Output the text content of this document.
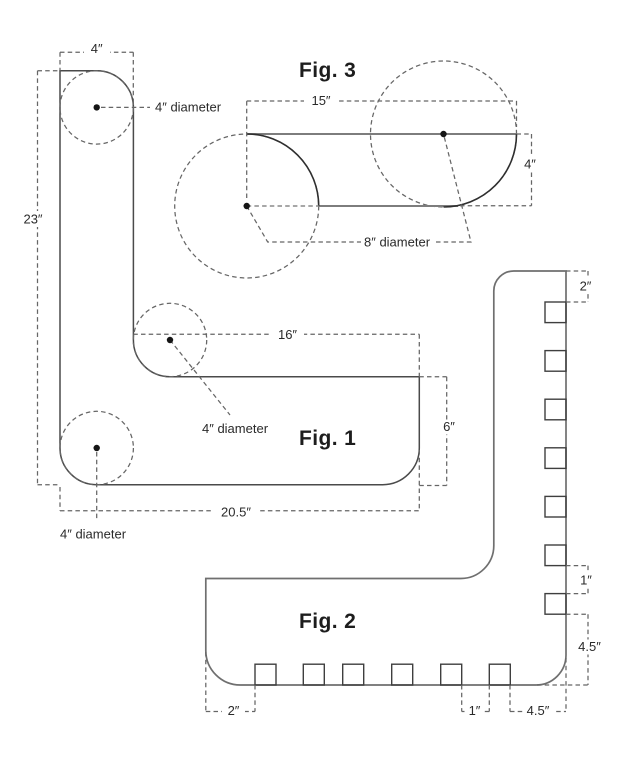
4″
23″
16″
6″
20.5″
4″ diameter
4″ diameter
4″ diameter
Fig. 1
15″
4″
8″ diameter
Fig. 3
2″
1″
4.5″
2″	1″	4.5″
Fig. 2
